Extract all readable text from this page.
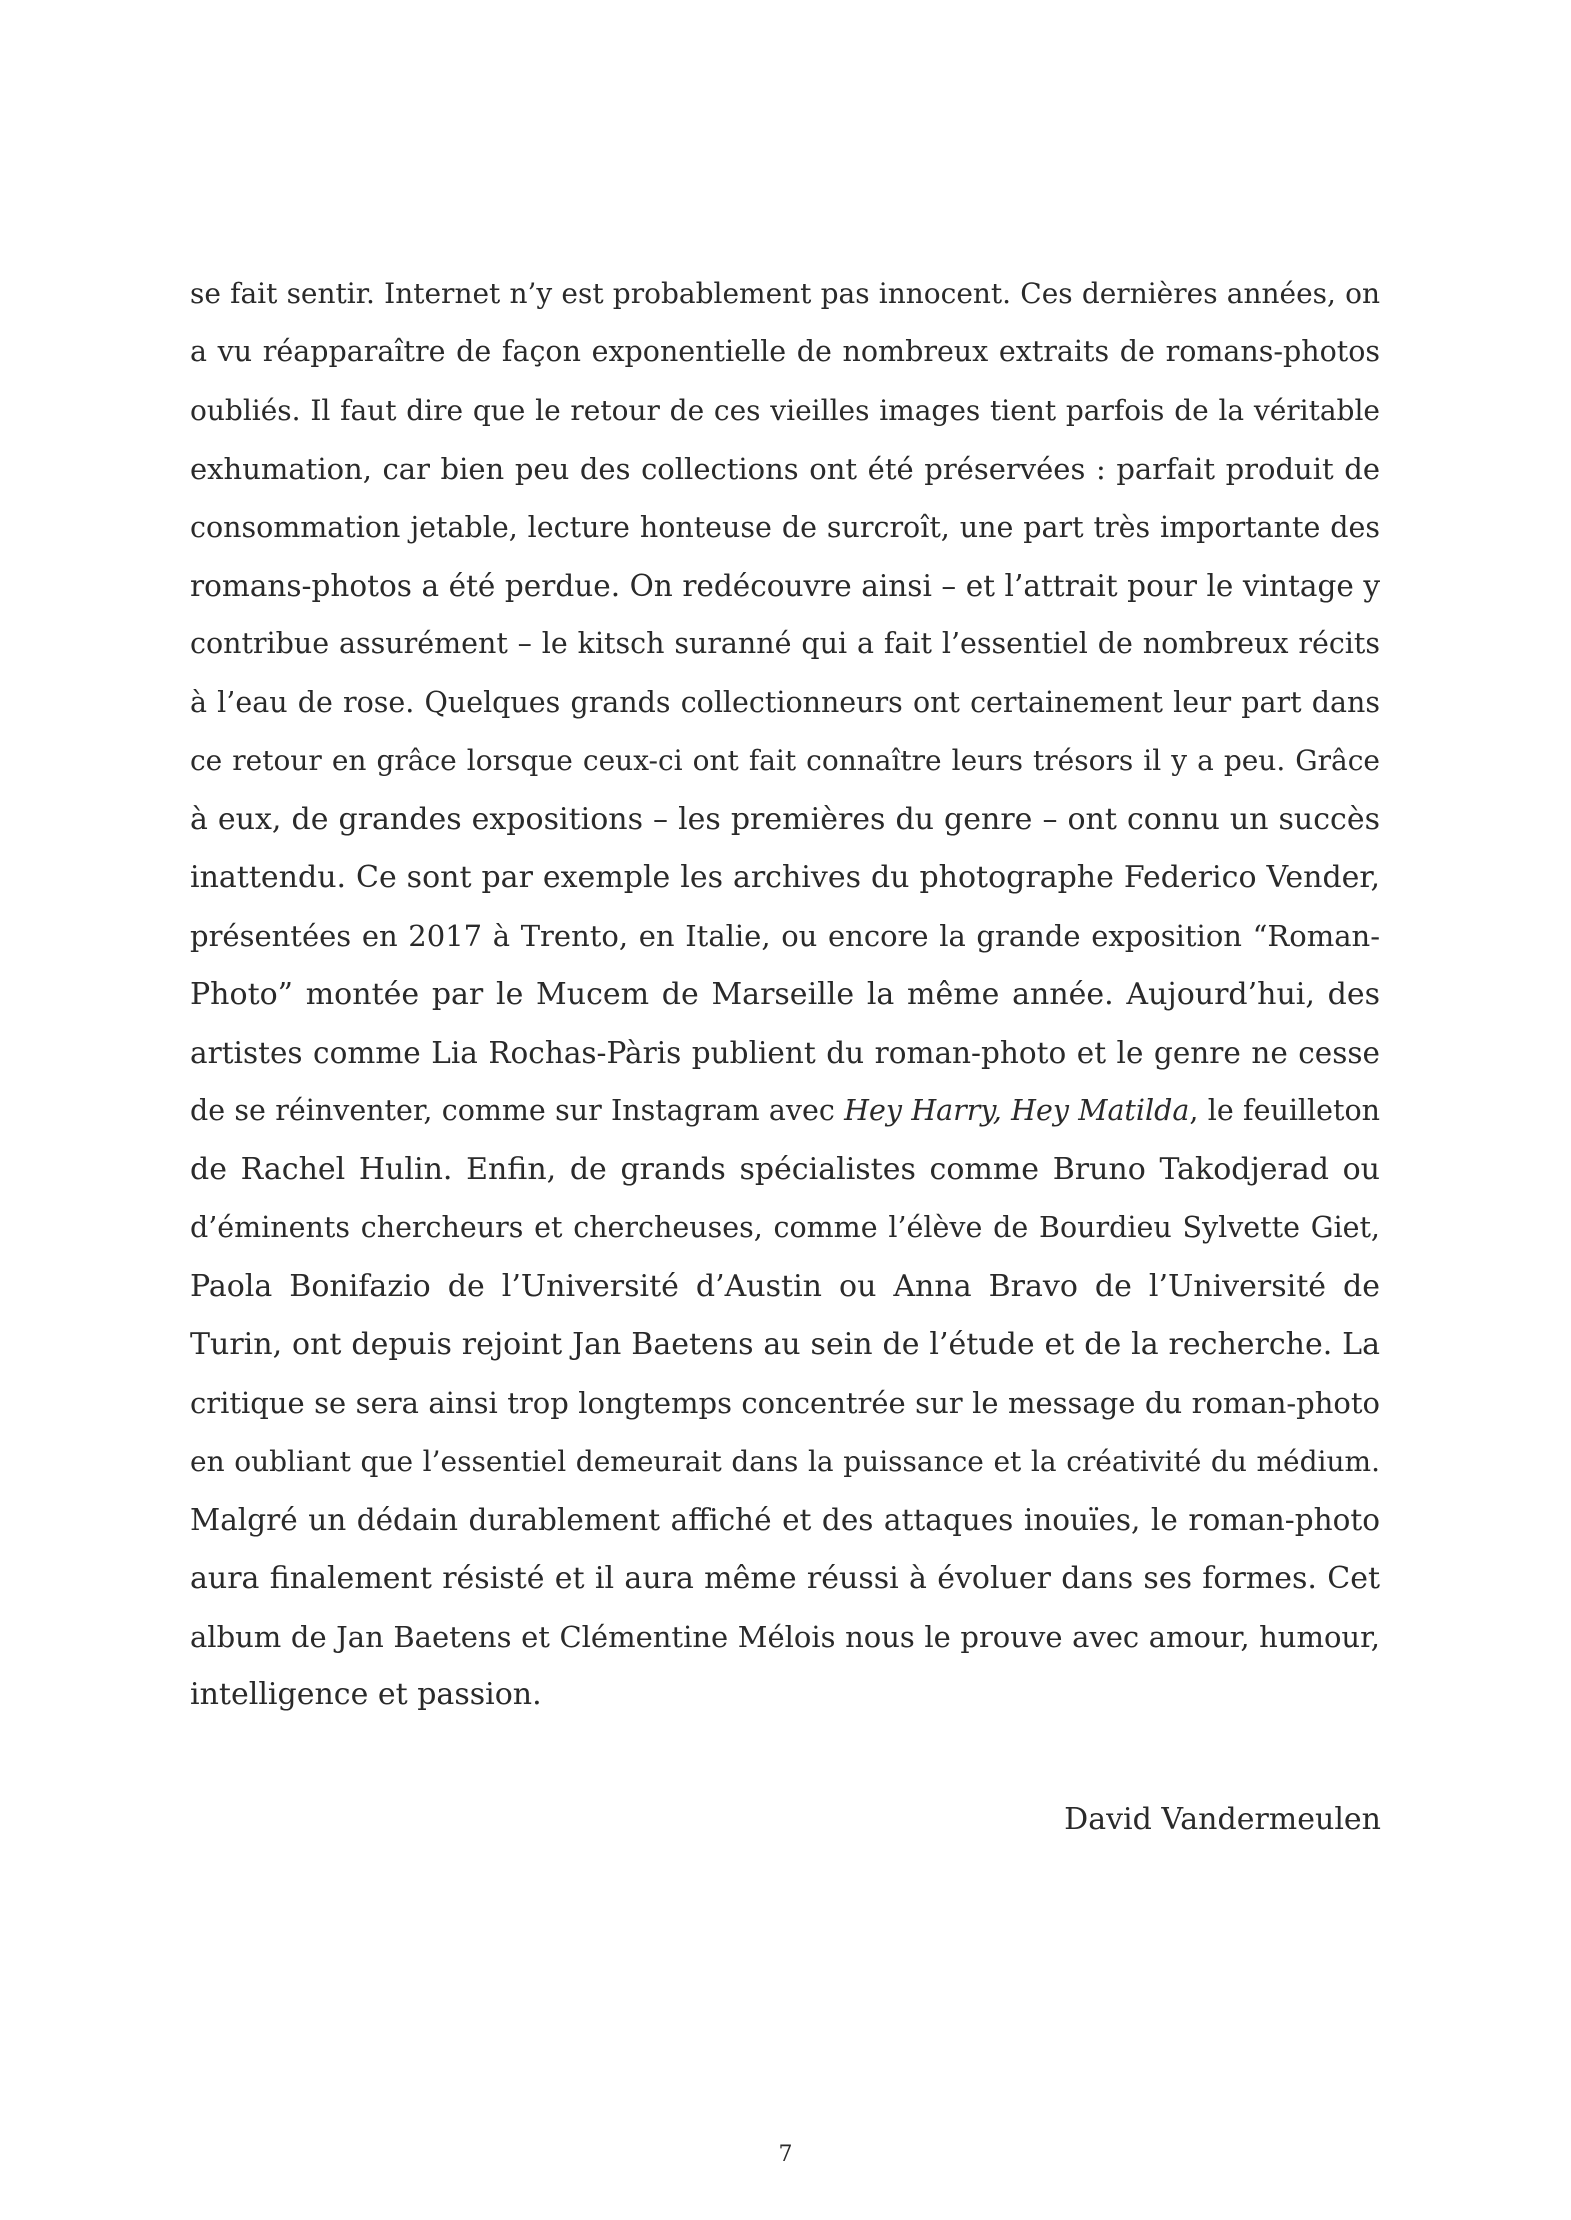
se fait sentir. Internet n’y est probablement pas innocent. Ces dernières années, on
a vu réapparaître de façon exponentielle de nombreux extraits de romans-photos
oubliés. Il faut dire que le retour de ces vieilles images tient parfois de la véritable
exhumation, car bien peu des collections ont été préservées : parfait produit de
consommation jetable, lecture honteuse de surcroît, une part très importante des
romans-photos a été perdue. On redécouvre ainsi – et l’attrait pour le vintage y
contribue assurément – le kitsch suranné qui a fait l’essentiel de nombreux récits
à l’eau de rose. Quelques grands collectionneurs ont certainement leur part dans
ce retour en grâce lorsque ceux-ci ont fait connaître leurs trésors il y a peu. Grâce
à eux, de grandes expositions – les premières du genre – ont connu un succès
inattendu. Ce sont par exemple les archives du photographe Federico Vender,
présentées en 2017 à Trento, en Italie, ou encore la grande exposition “Roman-
Photo” montée par le Mucem de Marseille la même année. Aujourd’hui, des
artistes comme Lia Rochas-Pàris publient du roman-photo et le genre ne cesse
de se réinventer, comme sur Instagram avec Hey Harry, Hey Matilda, le feuilleton
de Rachel Hulin. Enfin, de grands spécialistes comme Bruno Takodjerad ou
d’éminents chercheurs et chercheuses, comme l’élève de Bourdieu Sylvette Giet,
Paola Bonifazio de l’Université d’Austin ou Anna Bravo de l’Université de
Turin, ont depuis rejoint Jan Baetens au sein de l’étude et de la recherche. La
critique se sera ainsi trop longtemps concentrée sur le message du roman-photo
en oubliant que l’essentiel demeurait dans la puissance et la créativité du médium.
Malgré un dédain durablement affiché et des attaques inouïes, le roman-photo
aura finalement résisté et il aura même réussi à évoluer dans ses formes. Cet
album de Jan Baetens et Clémentine Mélois nous le prouve avec amour, humour,
intelligence et passion.
David Vandermeulen
7
